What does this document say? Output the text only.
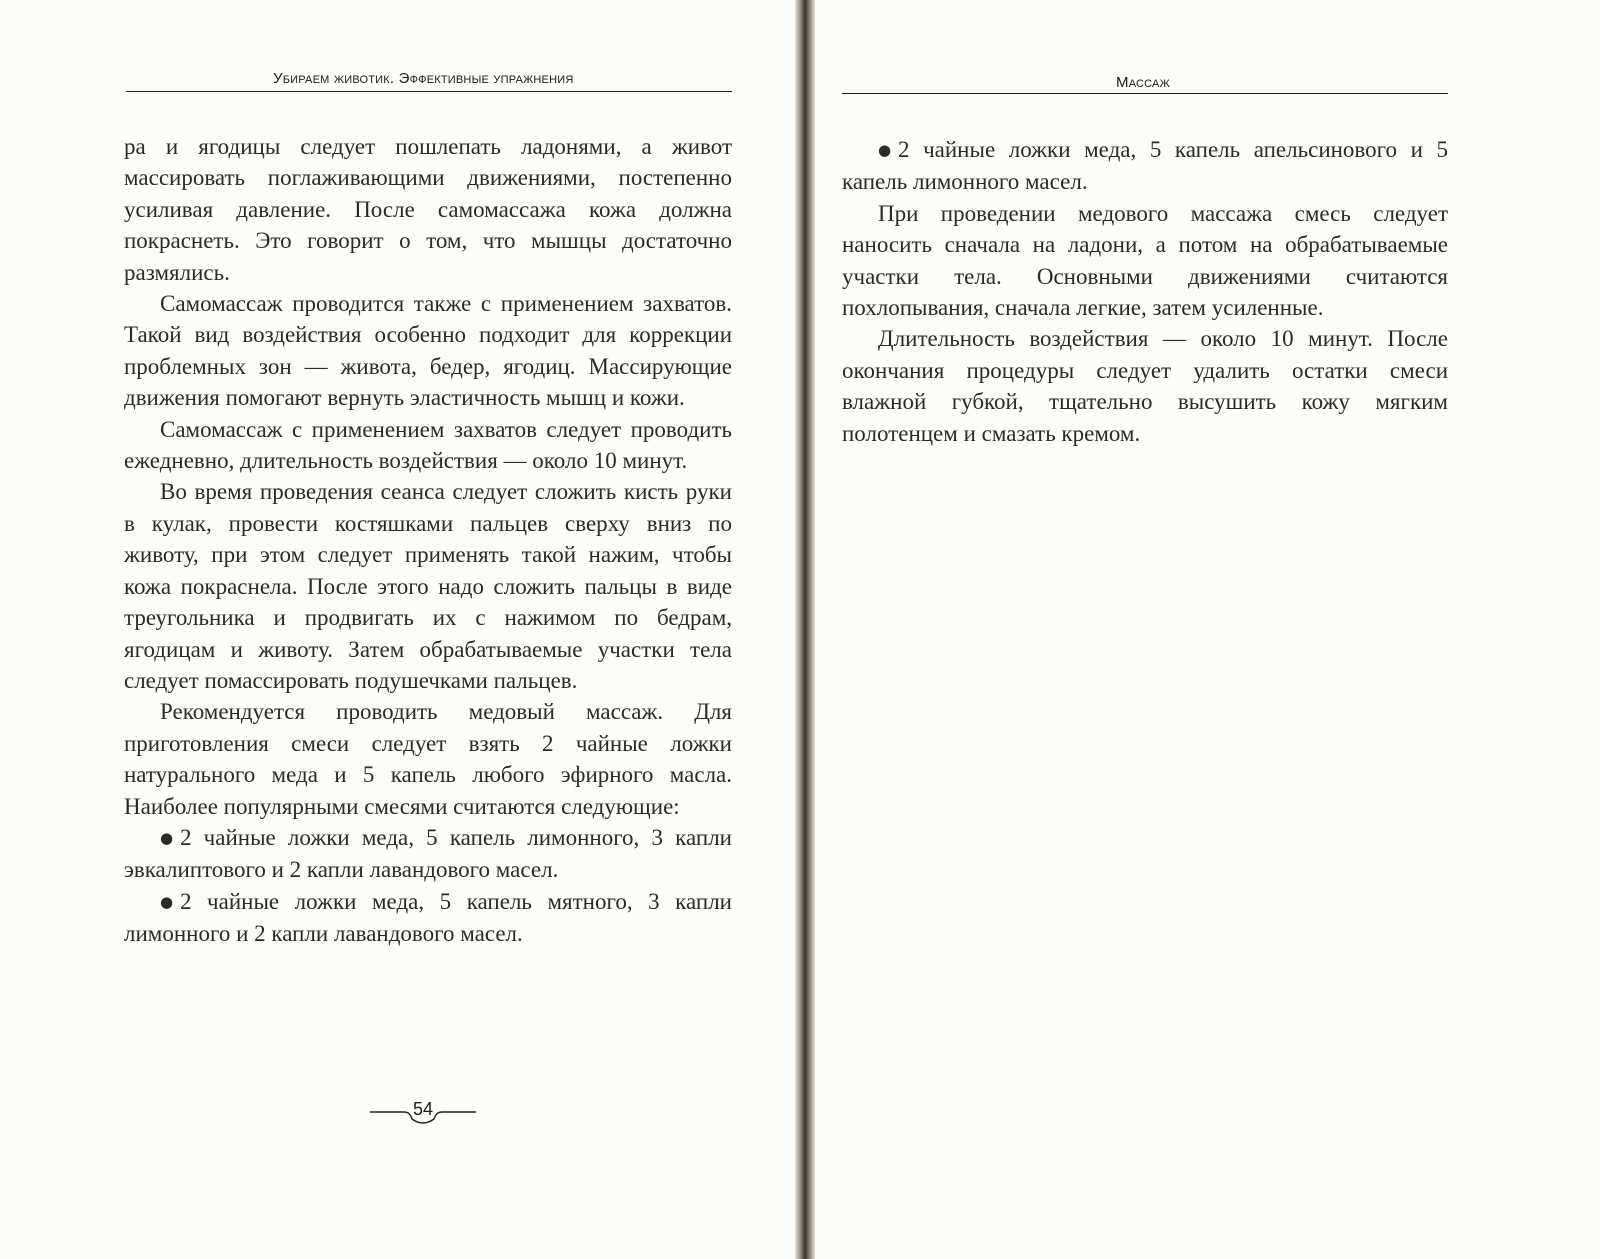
Убираем животик. Эффективные упражнения

ра и ягодицы следует пошлепать ладонями, а живот массировать поглаживающими движениями, постепенно усиливая давление. После самомассажа кожа должна покраснеть. Это говорит о том, что мышцы достаточно размялись.

Самомассаж проводится также с применением захватов. Такой вид воздействия особенно подходит для коррекции проблемных зон — живота, бедер, ягодиц. Массирующие движения помогают вернуть эластичность мышц и кожи.

Самомассаж с применением захватов следует проводить ежедневно, длительность воздействия — около 10 минут.

Во время проведения сеанса следует сложить кисть руки в кулак, провести костяшками пальцев сверху вниз по животу, при этом следует применять такой нажим, чтобы кожа покраснела. После этого надо сложить пальцы в виде треугольника и продвигать их с нажимом по бедрам, ягодицам и животу. Затем обрабатываемые участки тела следует помассировать подушечками пальцев.

Рекомендуется проводить медовый массаж. Для приготовления смеси следует взять 2 чайные ложки натурального меда и 5 капель любого эфирного масла. Наиболее популярными смесями считаются следующие:

● 2 чайные ложки меда, 5 капель лимонного, 3 капли эвкалиптового и 2 капли лавандового масел.

● 2 чайные ложки меда, 5 капель мятного, 3 капли лимонного и 2 капли лавандового масел.

54
Массаж

● 2 чайные ложки меда, 5 капель апельсинового и 5 капель лимонного масел.

При проведении медового массажа смесь следует наносить сначала на ладони, а потом на обрабатываемые участки тела. Основными движениями считаются похлопывания, сначала легкие, затем усиленные.

Длительность воздействия — около 10 минут. После окончания процедуры следует удалить остатки смеси влажной губкой, тщательно высушить кожу мягким полотенцем и смазать кремом.
